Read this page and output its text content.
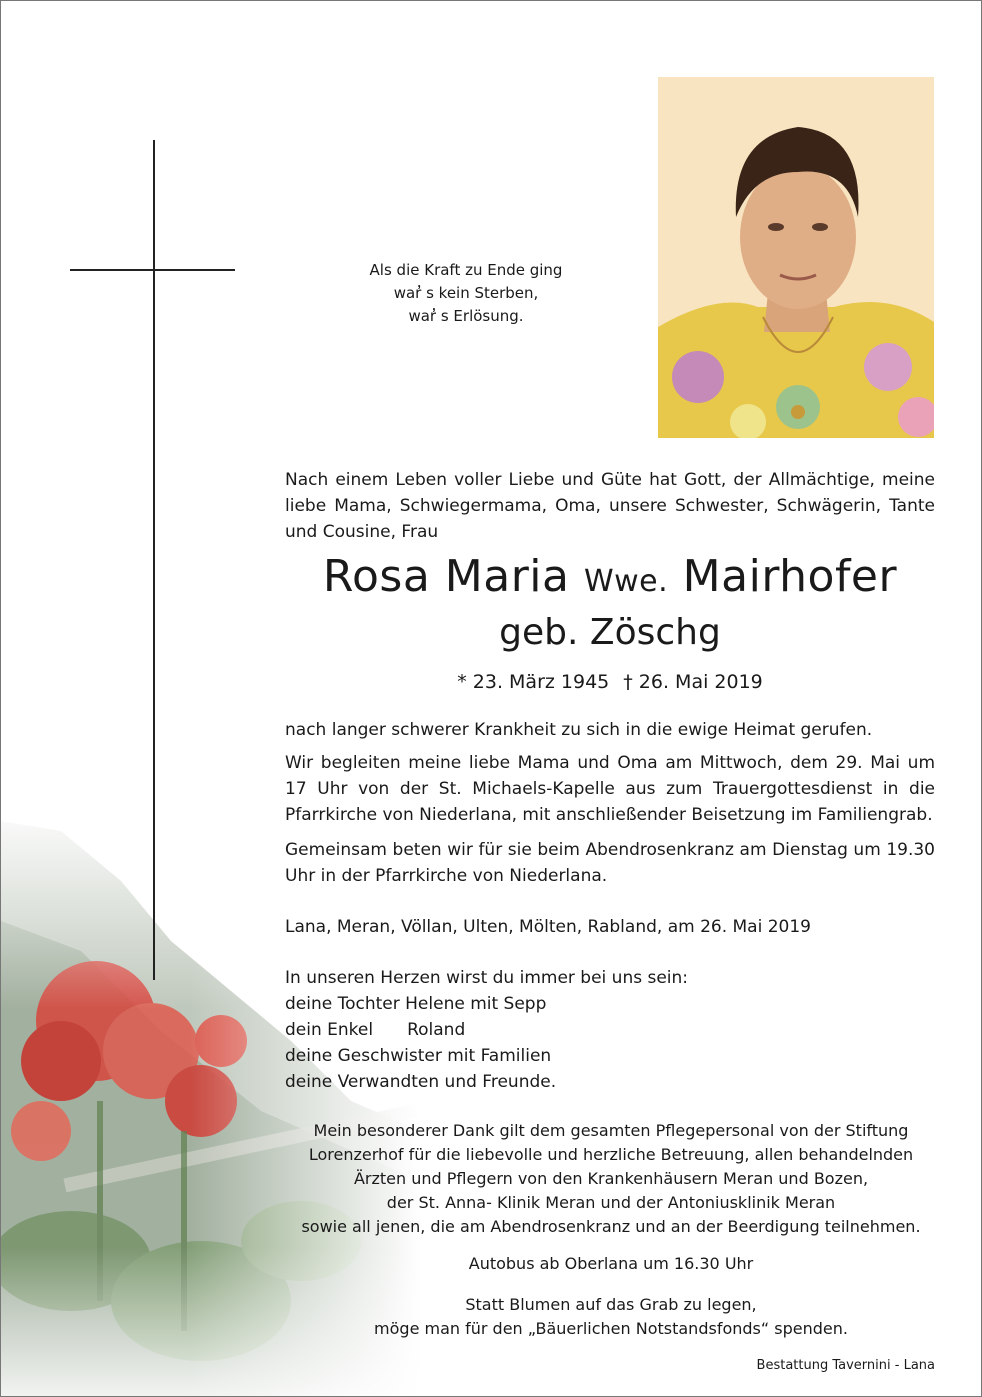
Als die Kraft zu Ende ging
war̓ s kein Sterben,
war̓ s Erlösung.
Nach einem Leben voller Liebe und Güte hat Gott, der Allmächtige, meine liebe Mama, Schwiegermama, Oma, unsere Schwester, Schwägerin, Tante und Cousine, Frau
Rosa Maria Wwe. Mairhofer
geb. Zöschg
* 23. März 1945 † 26. Mai 2019
nach langer schwerer Krankheit zu sich in die ewige Heimat gerufen.
Wir begleiten meine liebe Mama und Oma am Mittwoch, dem 29. Mai um 17 Uhr von der St. Michaels-Kapelle aus zum Trauergottesdienst in die Pfarrkirche von Niederlana, mit anschließender Beisetzung im Familiengrab.
Gemeinsam beten wir für sie beim Abendrosenkranz am Dienstag um 19.30 Uhr in der Pfarrkirche von Niederlana.
Lana, Meran, Völlan, Ulten, Mölten, Rabland, am 26. Mai 2019
In unseren Herzen wirst du immer bei uns sein:
deine Tochter Helene mit Sepp
dein Enkel Roland
deine Geschwister mit Familien
deine Verwandten und Freunde.
Mein besonderer Dank gilt dem gesamten Pflegepersonal von der Stiftung
Lorenzerhof für die liebevolle und herzliche Betreuung, allen behandelnden
Ärzten und Pflegern von den Krankenhäusern Meran und Bozen,
der St. Anna- Klinik Meran und der Antoniusklinik Meran
sowie all jenen, die am Abendrosenkranz und an der Beerdigung teilnehmen.
Autobus ab Oberlana um 16.30 Uhr
Statt Blumen auf das Grab zu legen,
möge man für den „Bäuerlichen Notstandsfonds“ spenden.
Bestattung Tavernini - Lana
